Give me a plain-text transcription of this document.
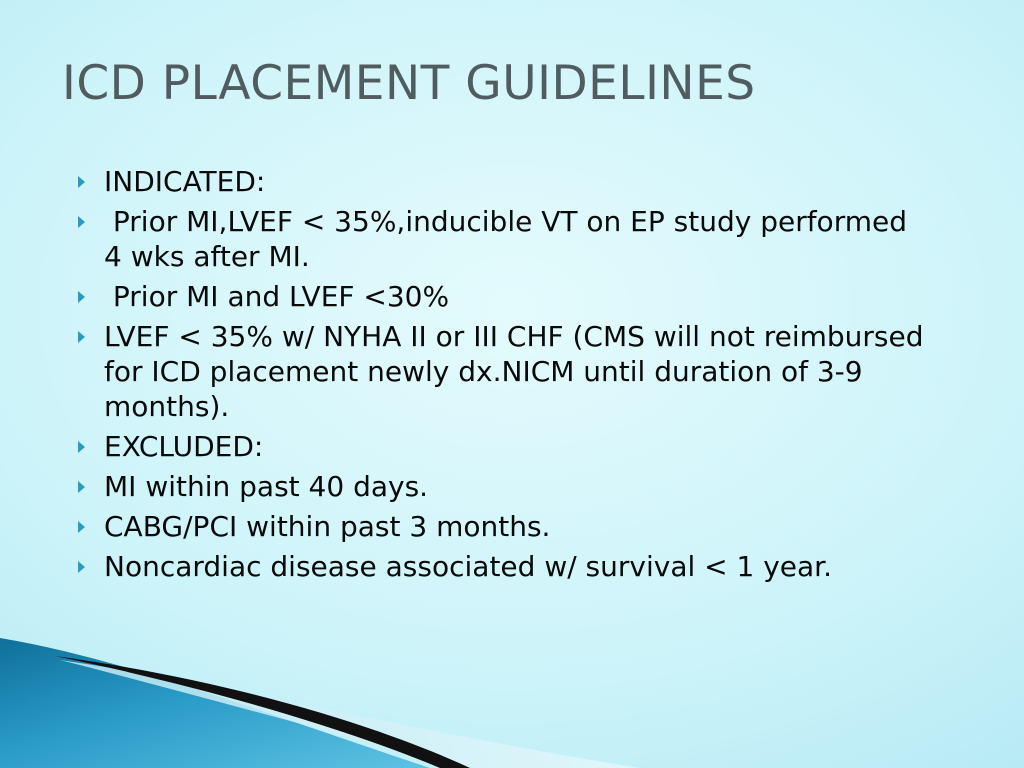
ICD PLACEMENT GUIDELINES
INDICATED:
Prior MI,LVEF < 35%,inducible VT on EP study performed 4 wks after MI.
Prior MI and LVEF <30%
LVEF < 35% w/ NYHA II or III CHF (CMS will not reimbursed for ICD placement newly dx.NICM until duration of 3-9 months).
EXCLUDED:
MI within past 40 days.
CABG/PCI within past 3 months.
Noncardiac disease associated w/ survival < 1 year.
